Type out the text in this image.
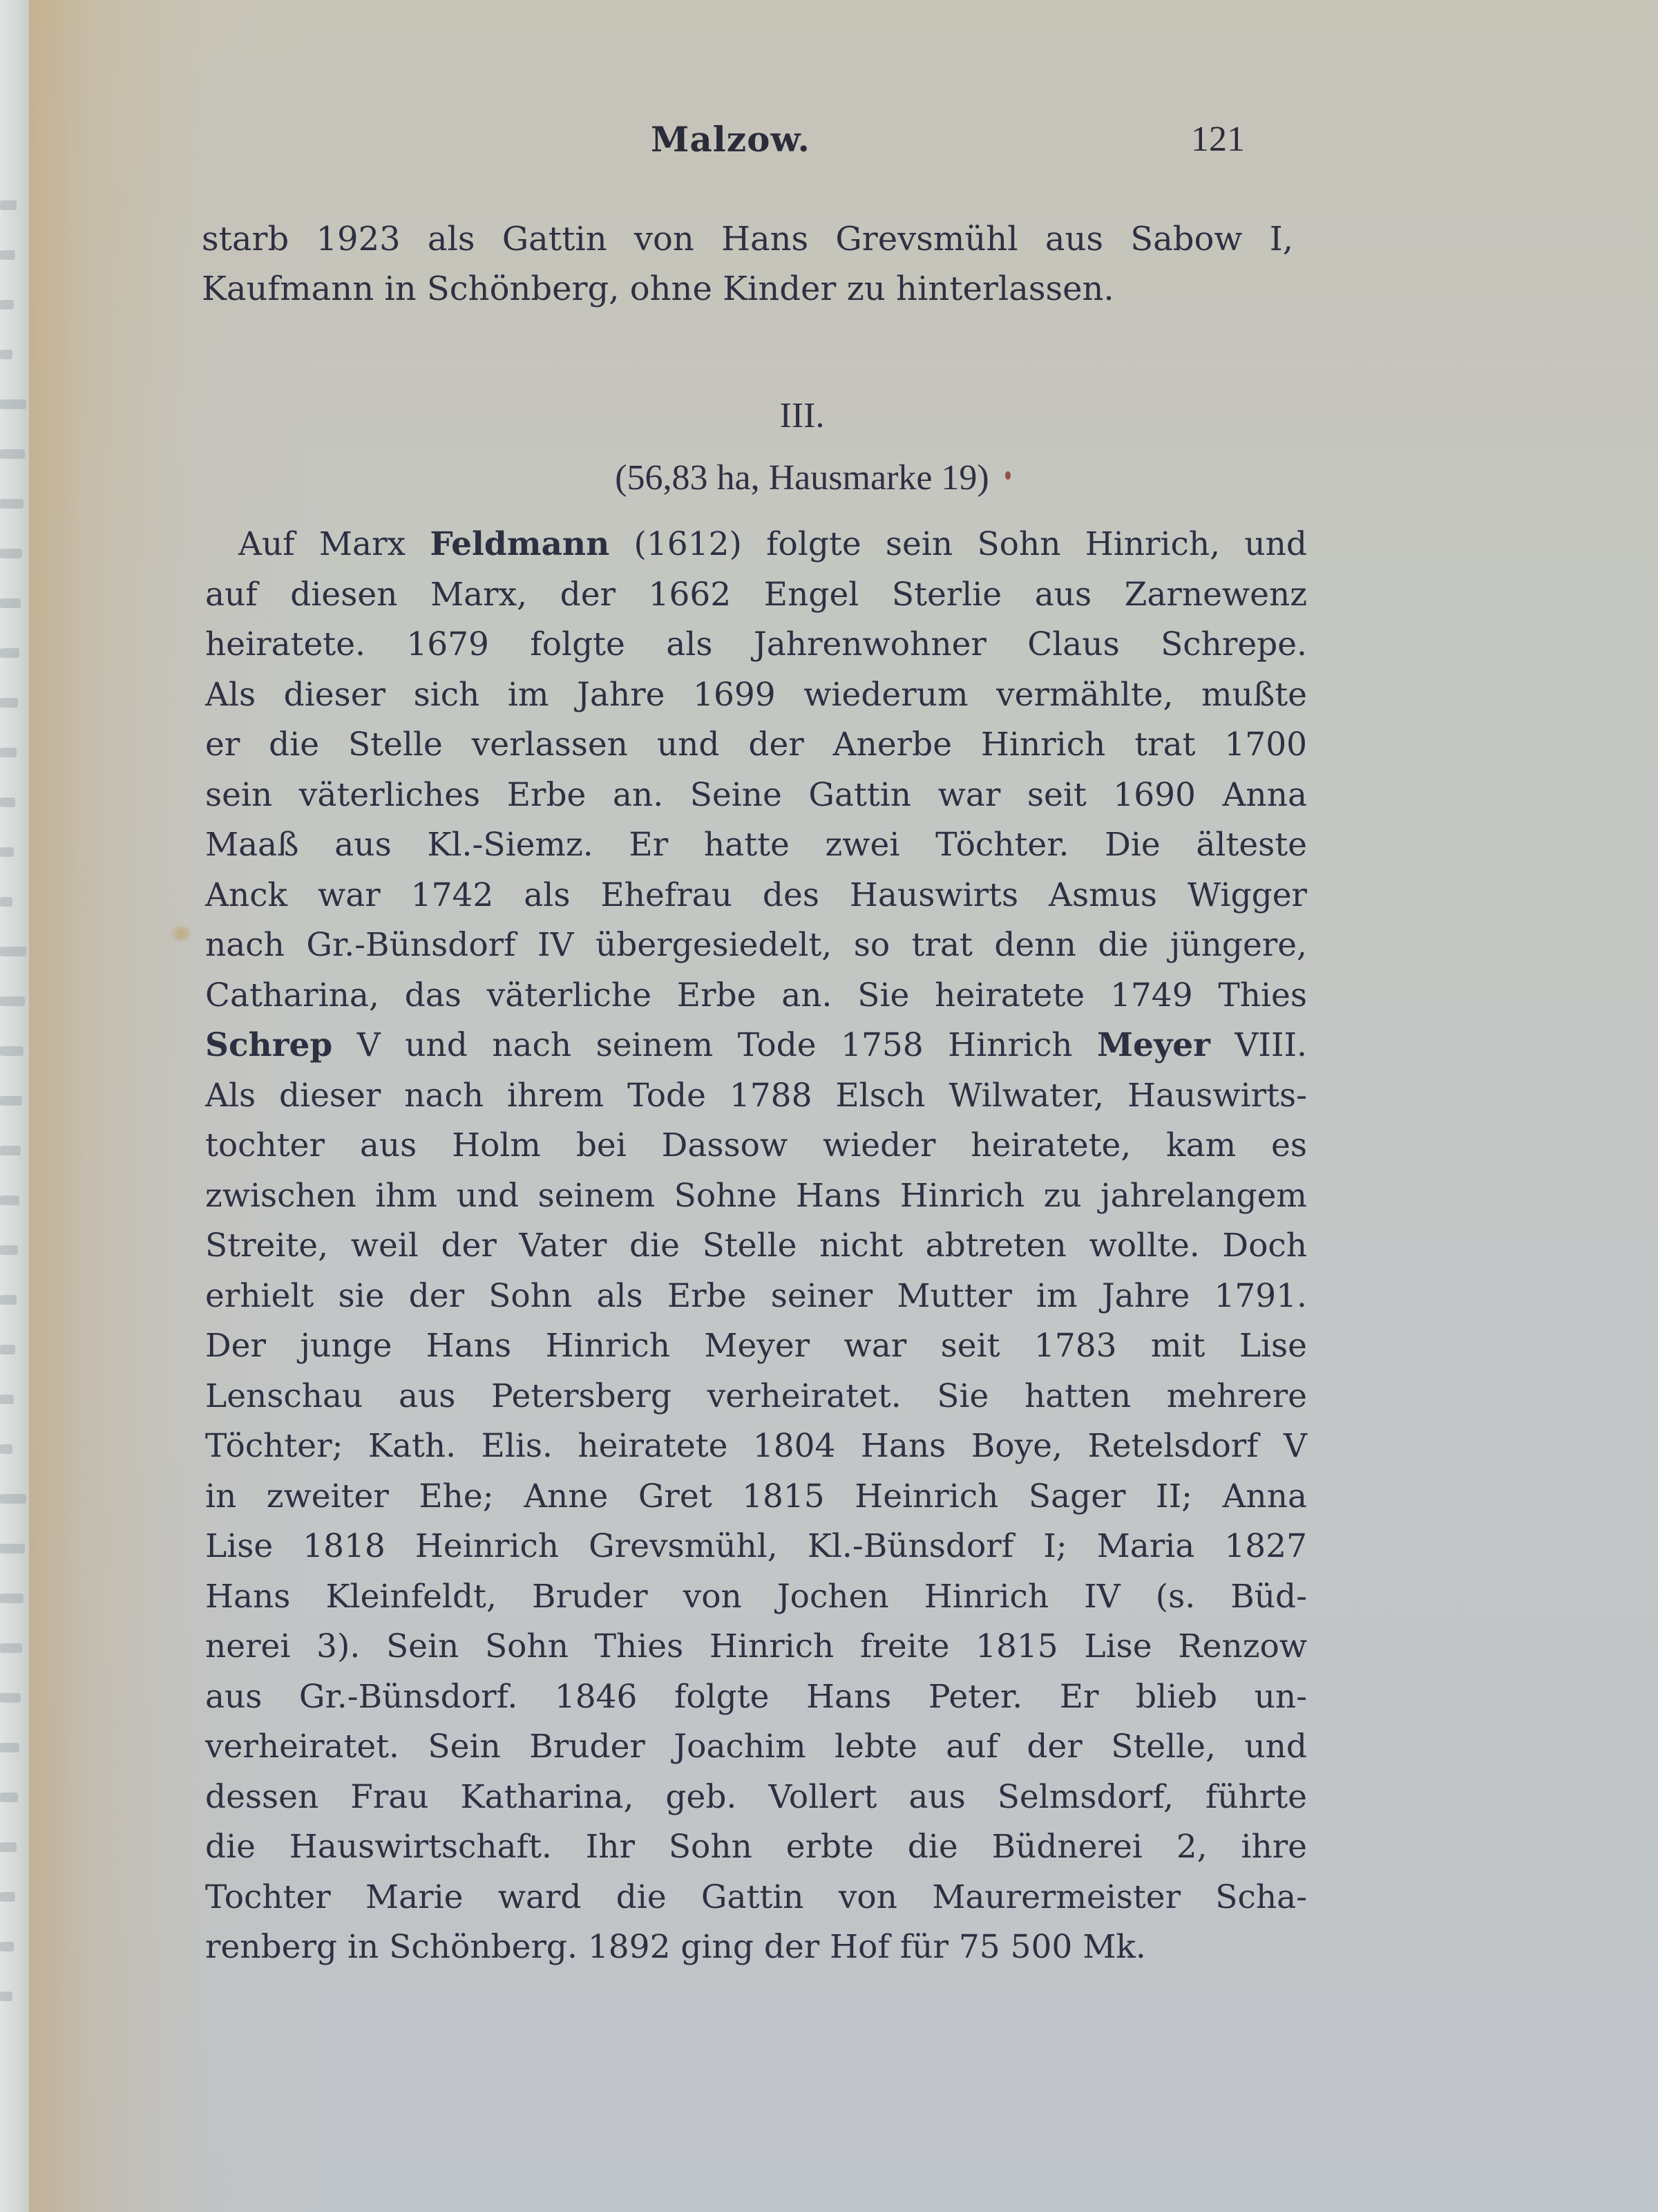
Malzow.	121
starb 1923 als Gattin von Hans Grevsmühl aus Sabow I,
Kaufmann in Schönberg, ohne Kinder zu hinterlassen.
III.
(56,83 ha, Hausmarke 19)
Auf Marx Feldmann (1612) folgte sein Sohn Hinrich, und
auf diesen Marx, der 1662 Engel Sterlie aus Zarnewenz
heiratete. 1679 folgte als Jahrenwohner Claus Schrepe.
Als dieser sich im Jahre 1699 wiederum vermählte, mußte
er die Stelle verlassen und der Anerbe Hinrich trat 1700
sein väterliches Erbe an. Seine Gattin war seit 1690 Anna
Maaß aus Kl.-Siemz. Er hatte zwei Töchter. Die älteste
Anck war 1742 als Ehefrau des Hauswirts Asmus Wigger
nach Gr.-Bünsdorf IV übergesiedelt, so trat denn die jüngere,
Catharina, das väterliche Erbe an. Sie heiratete 1749 Thies
Schrep V und nach seinem Tode 1758 Hinrich Meyer VIII.
Als dieser nach ihrem Tode 1788 Elsch Wilwater, Hauswirts-
tochter aus Holm bei Dassow wieder heiratete, kam es
zwischen ihm und seinem Sohne Hans Hinrich zu jahrelangem
Streite, weil der Vater die Stelle nicht abtreten wollte. Doch
erhielt sie der Sohn als Erbe seiner Mutter im Jahre 1791.
Der junge Hans Hinrich Meyer war seit 1783 mit Lise
Lenschau aus Petersberg verheiratet. Sie hatten mehrere
Töchter; Kath. Elis. heiratete 1804 Hans Boye, Retelsdorf V
in zweiter Ehe; Anne Gret 1815 Heinrich Sager II; Anna
Lise 1818 Heinrich Grevsmühl, Kl.-Bünsdorf I; Maria 1827
Hans Kleinfeldt, Bruder von Jochen Hinrich IV (s. Büd-
nerei 3). Sein Sohn Thies Hinrich freite 1815 Lise Renzow
aus Gr.-Bünsdorf. 1846 folgte Hans Peter. Er blieb un-
verheiratet. Sein Bruder Joachim lebte auf der Stelle, und
dessen Frau Katharina, geb. Vollert aus Selmsdorf, führte
die Hauswirtschaft. Ihr Sohn erbte die Büdnerei 2, ihre
Tochter Marie ward die Gattin von Maurermeister Scha-
renberg in Schönberg. 1892 ging der Hof für 75 500 Mk.
